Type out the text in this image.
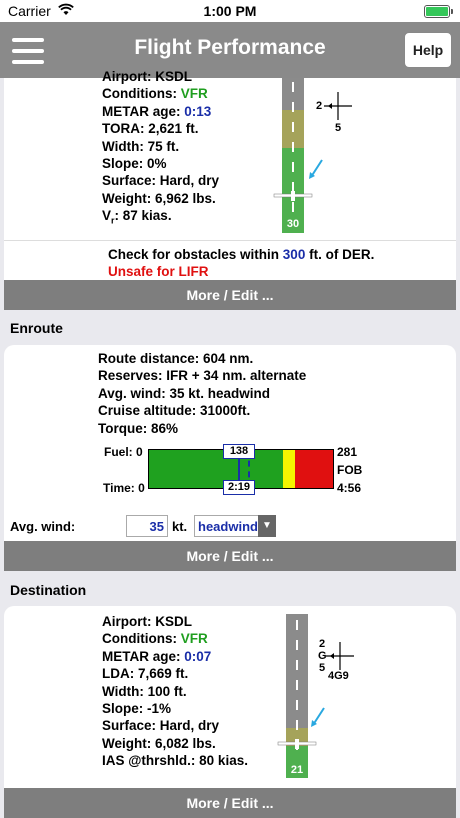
Carrier	1:00 PM
Flight Performance	Help
Airport: KSDL
Conditions: VFR
METAR age: 0:13
TORA: 2,621 ft.
Width: 75 ft.
Slope: 0%
Surface: Hard, dry
Weight: 6,962 lbs.
$V_r$: 87 kias.
30
2
5
Check for obstacles within 300 ft. of DER.
Unsafe for LIFR
More / Edit ...
Enroute
Route distance: 604 nm.
Reserves: IFR + 34 nm. alternate
Avg. wind: 35 kt. headwind
Cruise altitude: 31000ft.
Torque: 86%
Fuel: 0
Time: 0
138
2:19
281
FOB
4:56
Avg. wind:	35 kt. headwind ▼
More / Edit ...
Destination
Airport: KSDL
Conditions: VFR
METAR age: 0:07
LDA: 7,669 ft.
Width: 100 ft.
Slope: -1%
Surface: Hard, dry
Weight: 6,082 lbs.
IAS @thrshld.: 80 kias.
21
2
G
5
4G9
More / Edit ...
